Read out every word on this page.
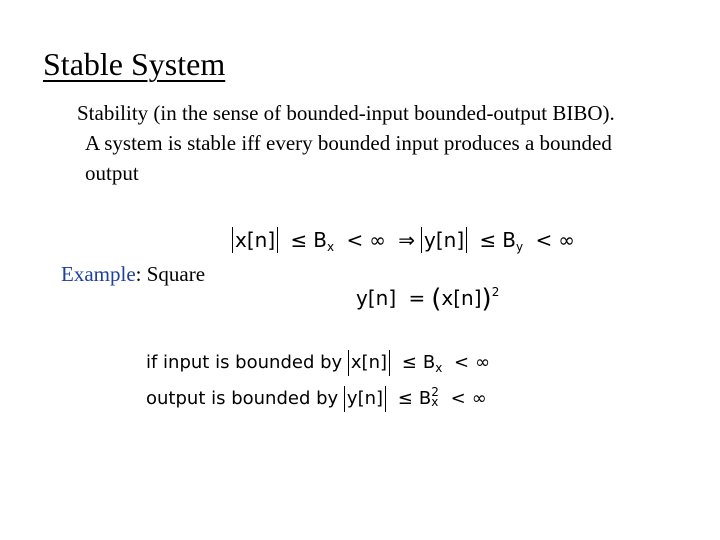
Stable System
Stability (in the sense of bounded-input bounded-output BIBO).
A system is stable iff every bounded input produces a bounded
output
$x[n] \le B_x$ < ∞ ⇒ $y[n] \le B_y$ < ∞
Example: Square
$y[n] = (x[n])^2$
if input is bounded by $x[n] \le B_x$ < ∞
output is bounded by y[n] ≤ B 2
x < ∞
